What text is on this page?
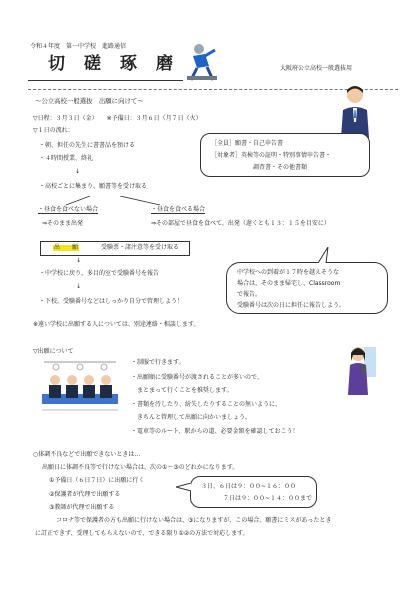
令和４年度　第一中学校　進路通信
切　磋　琢　磨	大阪府公立高校一般選抜用
～公立高校一般選抜　出願に向けて～
▽日程：３月３日（金）　　※予備日：３月６日（月７日（火）
▽１日の流れ：
・朝、担任の先生に書書品を預ける
・４時間授業、終礼
↓
・高校ごとに集まり、願書等を受け取る
［全員］願書・自己申告書
［対象者］英検等の証明・特別事情申告書・
調査書・その他書類
・昼食を食べない場合	・昼食を食べる場合
⇒そのまま出発	⇒その部屋で昼食を食べて、出発（遅くとも１３：１５を目安に）
出　　願	受験票・諸注意等を受け取る
↓
・中学校に戻り、多目的室で受験番号を報告
↓
・下校。受験番号などはしっかり自分で管理しよう！
中学校への到着が１７時を越えそうな
場合は、そのまま帰宅し、Classroom
で報告。
受験番号は次の日に担任に報告しよう。
※遠い学校に出願する人については、別途連絡・相談します。
▽出願について
・制服で行きます。
・出願順に受験番号が渡されることが多いので、
　まとまって行くことを推奨します。
・書類を汚したり、紛失したりすることの無いように、
　きちんと管理して出願に向かいましょう。
・電車等のルート、駅からの道、必要金額を確認しておこう！
○体調不良などで出願できないときは…
出願日に体調不良等で行けない場合は、次の①～③のどれかになります。
①予備日（６日７日）に出願に行く
②保護者が代理で出願する
③教師が代理で出願する
３日、６日は９：００~１６：００
７日は９：００~１４：００まで
コロナ等で保護者の方も出願に行けない場合は、③になりますが、この場合、願書にミスがあったとき
に訂正できず、受理してもらえないので、できる限り①②の方法で対応します。
